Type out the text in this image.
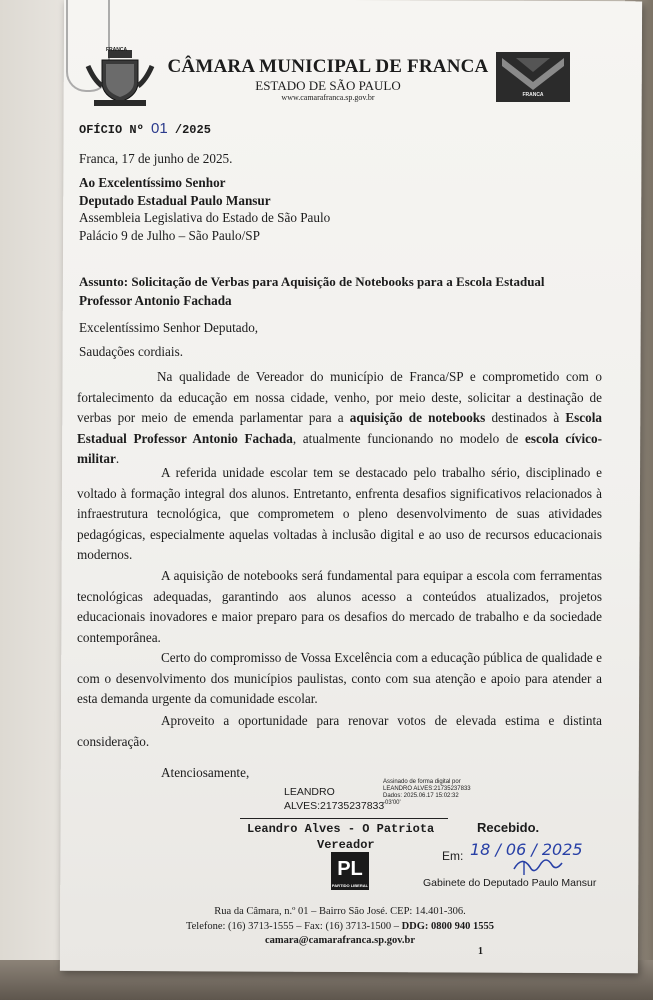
FRANCA
CÂMARA MUNICIPAL DE FRANCA
ESTADO DE SÃO PAULO
www.camarafranca.sp.gov.br	FRANCA
OFÍCIO Nº 01 /2025
Franca, 17 de junho de 2025.
Ao Excelentíssimo Senhor
Deputado Estadual Paulo Mansur
Assembleia Legislativa do Estado de São Paulo
Palácio 9 de Julho – São Paulo/SP
Assunto: Solicitação de Verbas para Aquisição de Notebooks para a Escola Estadual
Professor Antonio Fachada
Excelentíssimo Senhor Deputado,
Saudações cordiais.
Na qualidade de Vereador do município de Franca/SP e comprometido com o fortalecimento da educação em nossa cidade, venho, por meio deste, solicitar a destinação de verbas por meio de emenda parlamentar para a aquisição de notebooks destinados à Escola Estadual Professor Antonio Fachada, atualmente funcionando no modelo de escola cívico-militar.
A referida unidade escolar tem se destacado pelo trabalho sério, disciplinado e voltado à formação integral dos alunos. Entretanto, enfrenta desafios significativos relacionados à infraestrutura tecnológica, que comprometem o pleno desenvolvimento de suas atividades pedagógicas, especialmente aquelas voltadas à inclusão digital e ao uso de recursos educacionais modernos.
A aquisição de notebooks será fundamental para equipar a escola com ferramentas tecnológicas adequadas, garantindo aos alunos acesso a conteúdos atualizados, projetos educacionais inovadores e maior preparo para os desafios do mercado de trabalho e da sociedade contemporânea.
Certo do compromisso de Vossa Excelência com a educação pública de qualidade e com o desenvolvimento dos municípios paulistas, conto com sua atenção e apoio para atender a esta demanda urgente da comunidade escolar.
Aproveito a oportunidade para renovar votos de elevada estima e distinta consideração.
Atenciosamente,
LEANDRO
ALVES:21735237833
Assinado de forma digital por
LEANDRO ALVES:21735237833
Dados: 2025.06.17 15:02:32
-03'00'
Leandro Alves - O Patriota
Vereador
PL
PARTIDO LIBERAL
Recebido.
Em: 18 / 06 / 2025
Gabinete do Deputado Paulo Mansur
Rua da Câmara, n.º 01 – Bairro São José. CEP: 14.401-306.
Telefone: (16) 3713-1555 – Fax: (16) 3713-1500 – DDG: 0800 940 1555
camara@camarafranca.sp.gov.br
1
